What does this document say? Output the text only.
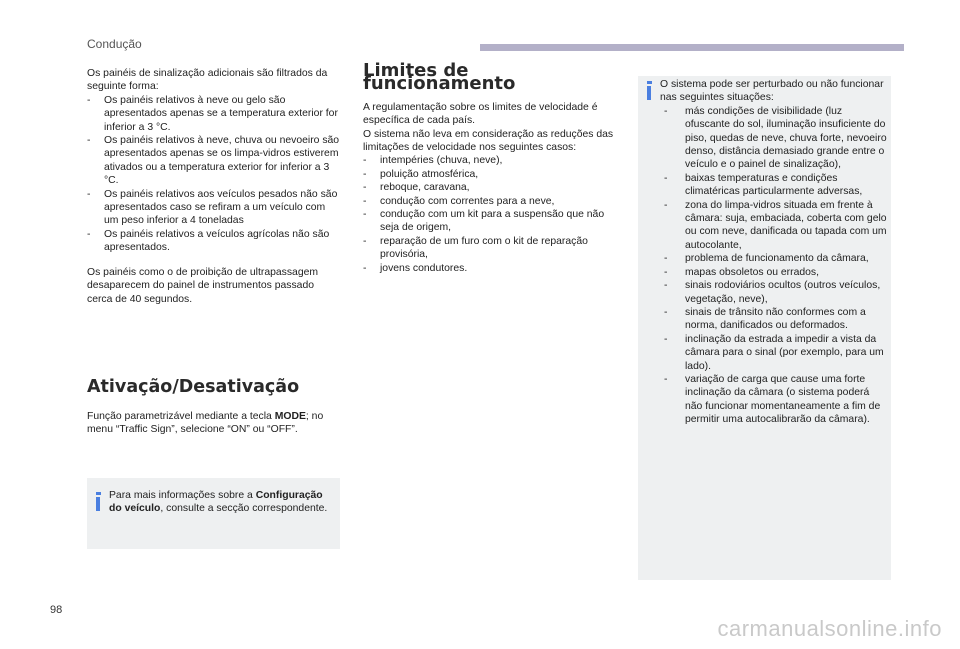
Condução

Os painéis de sinalização adicionais são filtrados da seguinte forma:

- Os painéis relativos à neve ou gelo são apresentados apenas se a temperatura exterior for inferior a 3 °C.
- Os painéis relativos à neve, chuva ou nevoeiro são apresentados apenas se os limpa-vidros estiverem ativados ou a temperatura exterior for inferior a 3 °C.
- Os painéis relativos aos veículos pesados não são apresentados caso se refiram a um veículo com um peso inferior a 4 toneladas
- Os painéis relativos a veículos agrícolas não são apresentados.

Os painéis como o de proibição de ultrapassagem desaparecem do painel de instrumentos passado cerca de 40 segundos.

Ativação/Desativação
Função parametrizável mediante a tecla MODE; no menu “Traffic Sign”, selecione “ON” ou “OFF”.
Para mais informações sobre a Configuração do veículo, consulte a secção correspondente.
Limites de funcionamento

A regulamentação sobre os limites de velocidade é específica de cada país.

O sistema não leva em consideração as reduções das limitações de velocidade nos seguintes casos:

- intempéries (chuva, neve),
- poluição atmosférica,
- reboque, caravana,
- condução com correntes para a neve,
- condução com um kit para a suspensão que não seja de origem,
- reparação de um furo com o kit de reparação provisória,
- jovens condutores.

O sistema pode ser perturbado ou não funcionar nas seguintes situações:

- más condições de visibilidade (luz ofuscante do sol, iluminação insuficiente do piso, quedas de neve, chuva forte, nevoeiro denso, distância demasiado grande entre o veículo e o painel de sinalização),
- baixas temperaturas e condições climatéricas particularmente adversas,
- zona do limpa-vidros situada em frente à câmara: suja, embaciada, coberta com gelo ou com neve, danificada ou tapada com um autocolante,
- problema de funcionamento da câmara,
- mapas obsoletos ou errados,
- sinais rodoviários ocultos (outros veículos, vegetação, neve),
- sinais de trânsito não conformes com a norma, danificados ou deformados.
- inclinação da estrada a impedir a vista da câmara para o sinal (por exemplo, para um lado).
- variação de carga que cause uma forte inclinação da câmara (o sistema poderá não funcionar momentaneamente a fim de permitir uma autocalibrarão da câmara).
98
carmanualsonline.info
